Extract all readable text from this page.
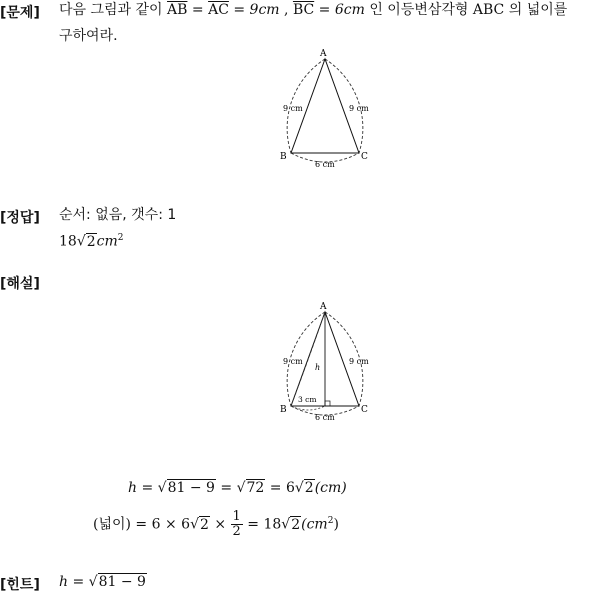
[문제] 다음 그림과 같이 $\overline{AB} = \overline{AC} = 9cm$ , $\overline{BC} = 6cm$ 인 이등변삼각형 ABC 의 넓이를
구하여라.
A
B	C
9 cm	9 cm
6 cm
[정답] 순서: 없음, 갯수: 1
$18√2cm^2$
[해설]
A
B	C
9 cm	9 cm
6 cm
3 cm
h
h = √81 − 9 = √72 = 6√2(cm)
(넓이) = $6 \times 6√2 \times \frac{1}{2} = 18√2(cm^2)$
[힌트] h = √81 − 9
